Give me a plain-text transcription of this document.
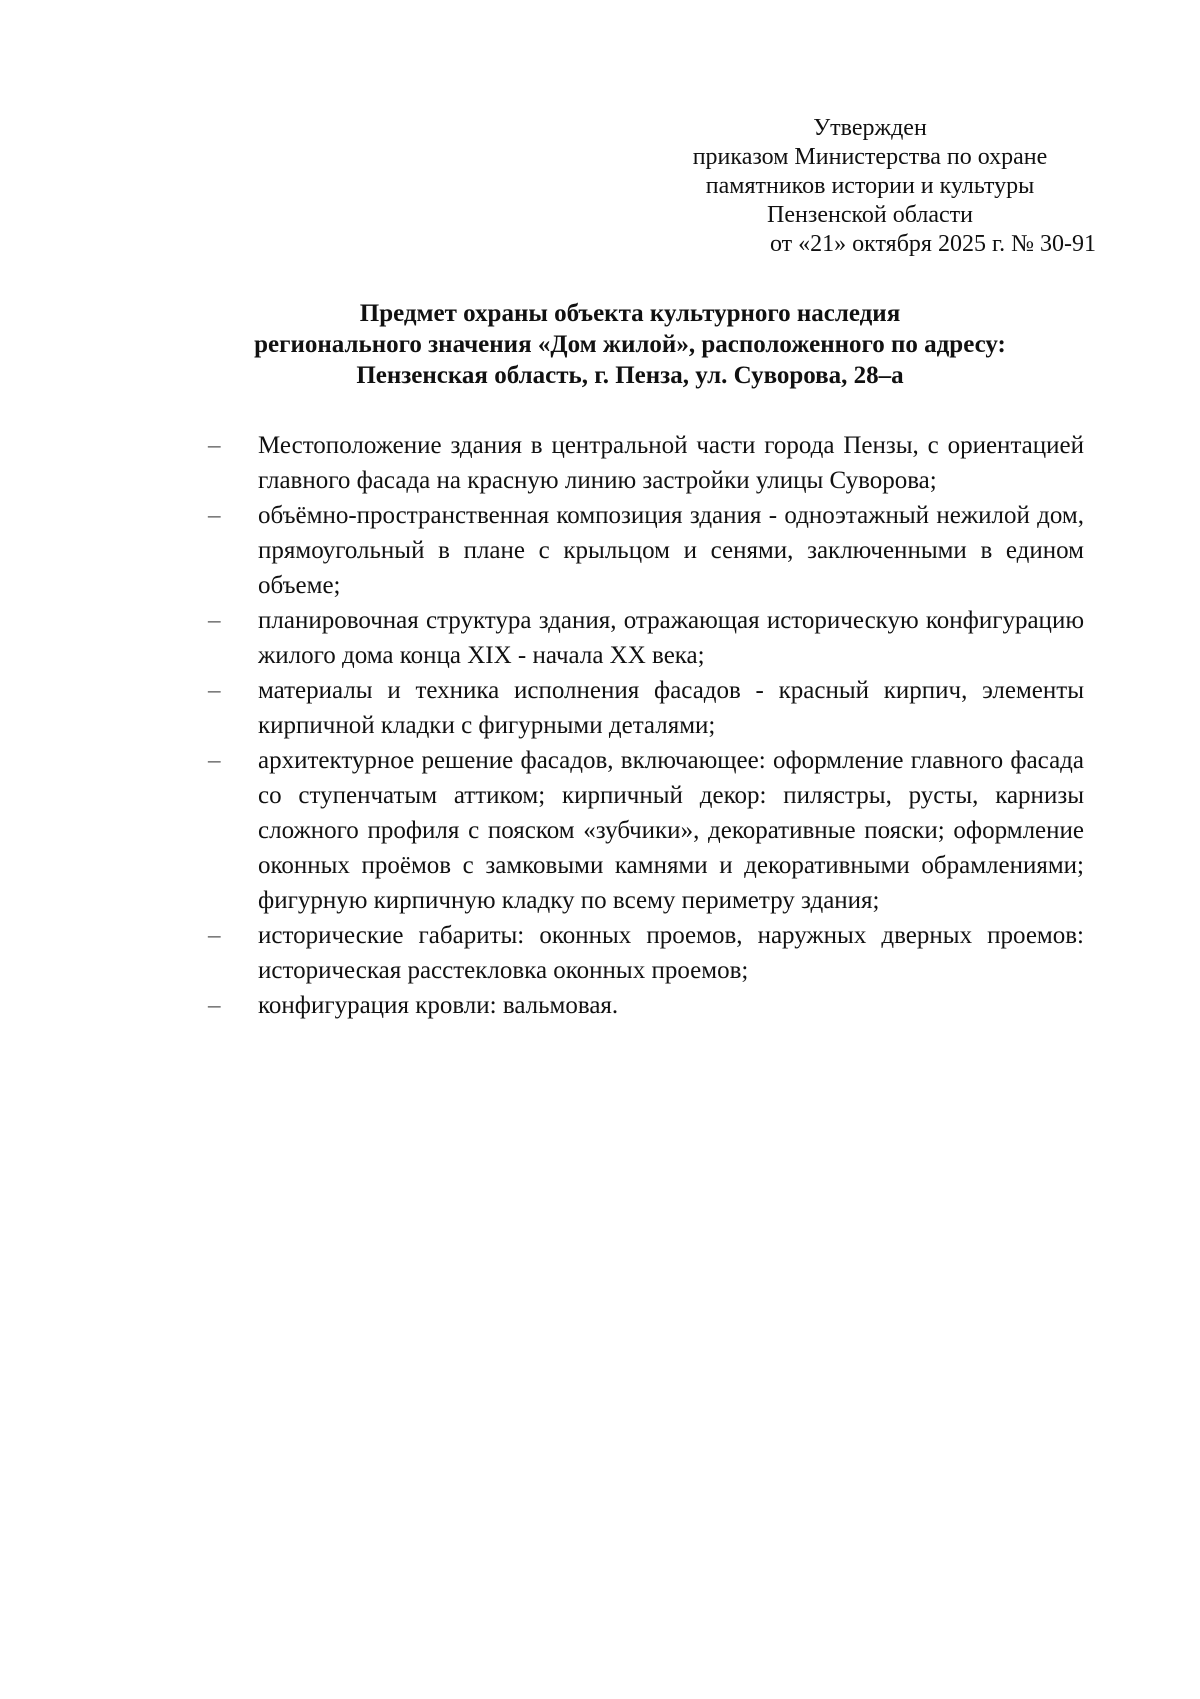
Утвержден
приказом Министерства по охране
памятников истории и культуры
Пензенской области
от «21» октября 2025 г. № 30-91
Предмет охраны объекта культурного наследия
регионального значения «Дом жилой», расположенного по адресу:
Пензенская область, г. Пенза, ул. Суворова, 28–а
–	Местоположение здания в центральной части города Пензы, с ориентацией главного фасада на красную линию застройки улицы Суворова;
–	объёмно-пространственная композиция здания - одноэтажный нежилой дом, прямоугольный в плане с крыльцом и сенями, заключенными в едином объеме;
–	планировочная структура здания, отражающая историческую конфигурацию жилого дома конца XIX - начала XX века;
–	материалы и техника исполнения фасадов - красный кирпич, элементы кирпичной кладки с фигурными деталями;
–	архитектурное решение фасадов, включающее: оформление главного фасада со ступенчатым аттиком; кирпичный декор: пилястры, русты, карнизы сложного профиля с пояском «зубчики», декоративные пояски; оформление оконных проёмов с замковыми камнями и декоративными обрамлениями; фигурную кирпичную кладку по всему периметру здания;
–	исторические габариты: оконных проемов, наружных дверных проемов: историческая расстекловка оконных проемов;
–	конфигурация кровли: вальмовая.
